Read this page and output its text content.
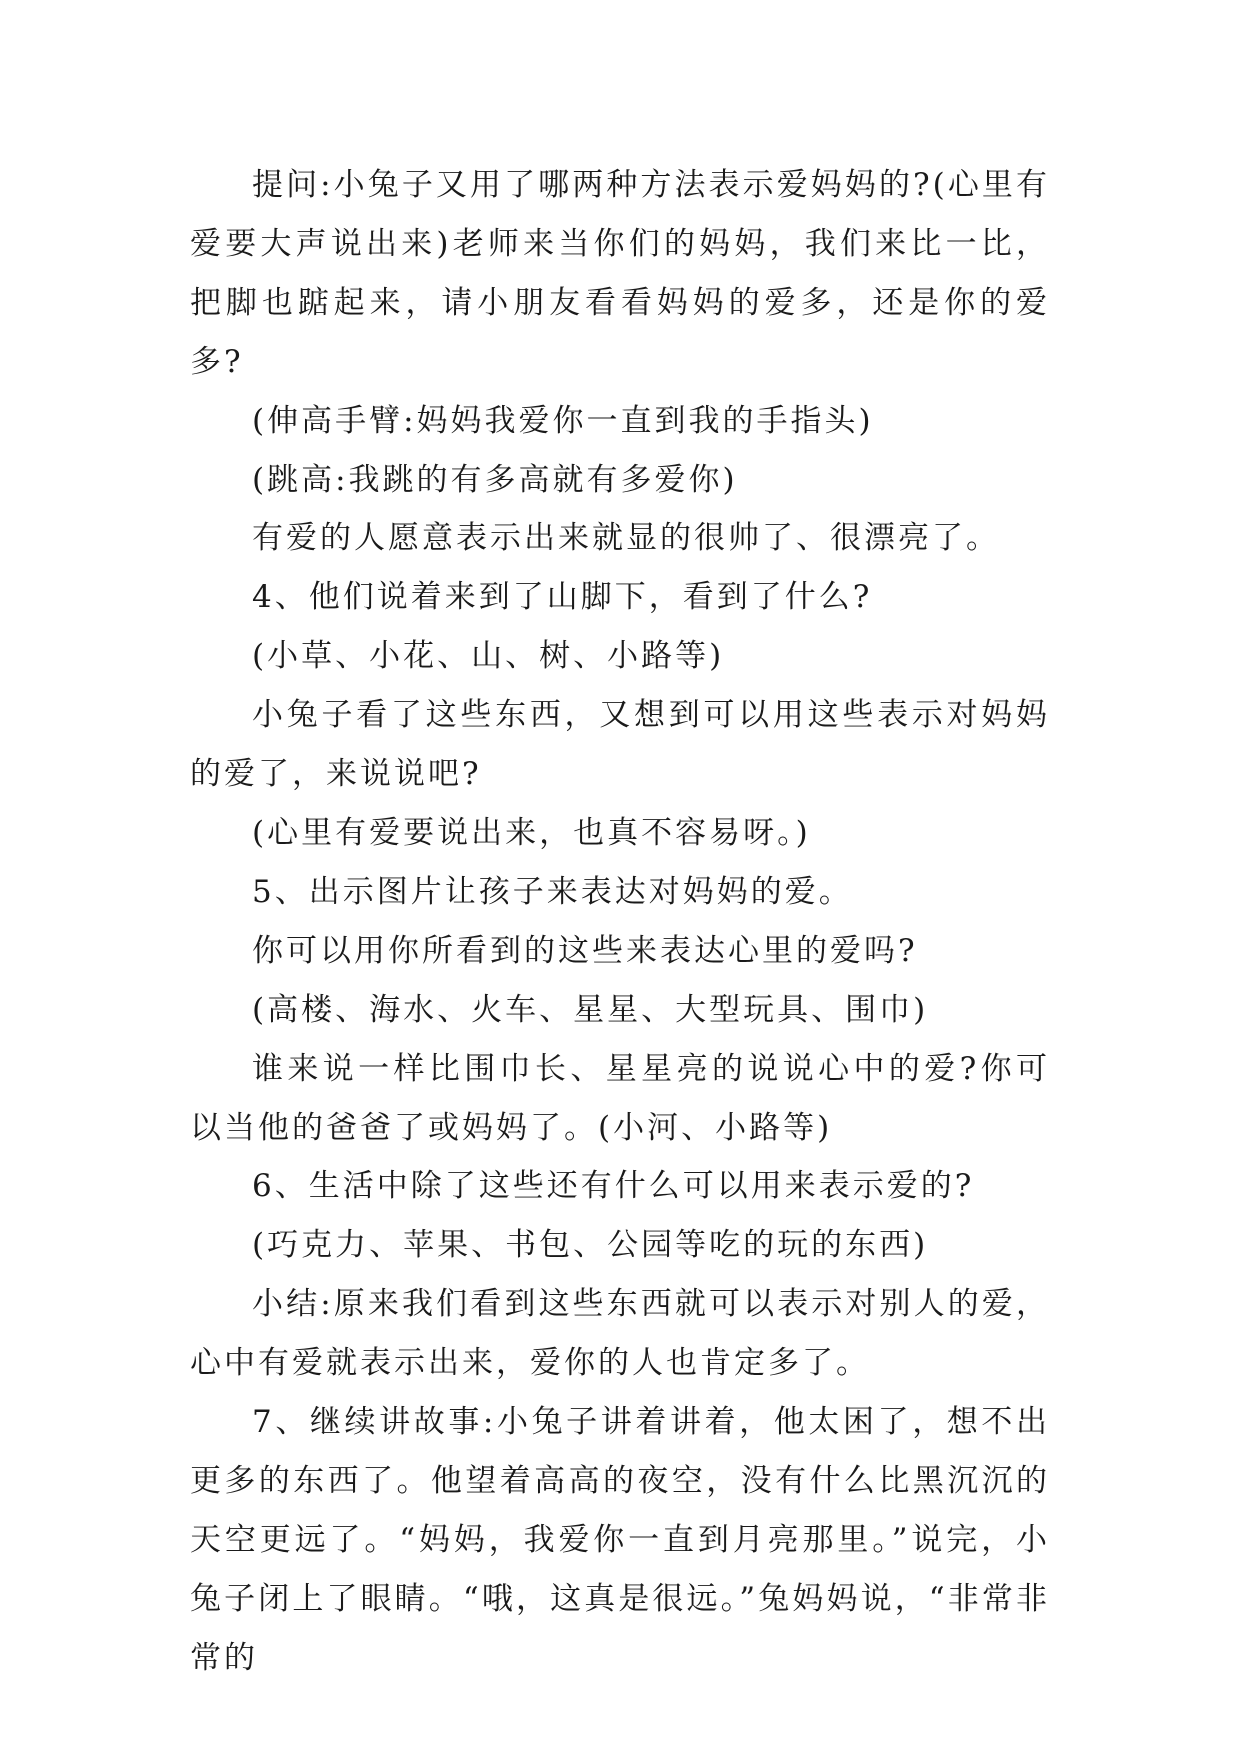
提问:小兔子又用了哪两种方法表示爱妈妈的?(心里有爱要大声说出来)老师来当你们的妈妈，我们来比一比，把脚也踮起来，请小朋友看看妈妈的爱多，还是你的爱多?

(伸高手臂:妈妈我爱你一直到我的手指头)

(跳高:我跳的有多高就有多爱你)

有爱的人愿意表示出来就显的很帅了、很漂亮了。

4、他们说着来到了山脚下，看到了什么?

(小草、小花、山、树、小路等)

小兔子看了这些东西，又想到可以用这些表示对妈妈的爱了，来说说吧?

(心里有爱要说出来，也真不容易呀。)

5、出示图片让孩子来表达对妈妈的爱。

你可以用你所看到的这些来表达心里的爱吗?

(高楼、海水、火车、星星、大型玩具、围巾)

谁来说一样比围巾长、星星亮的说说心中的爱?你可以当他的爸爸了或妈妈了。(小河、小路等)

6、生活中除了这些还有什么可以用来表示爱的?

(巧克力、苹果、书包、公园等吃的玩的东西)

小结:原来我们看到这些东西就可以表示对别人的爱，心中有爱就表示出来，爱你的人也肯定多了。

7、继续讲故事:小兔子讲着讲着，他太困了，想不出更多的东西了。他望着高高的夜空，没有什么比黑沉沉的天空更远了。“妈妈，我爱你一直到月亮那里。”说完，小兔子闭上了眼睛。“哦，这真是很远。”兔妈妈说，“非常非常的
